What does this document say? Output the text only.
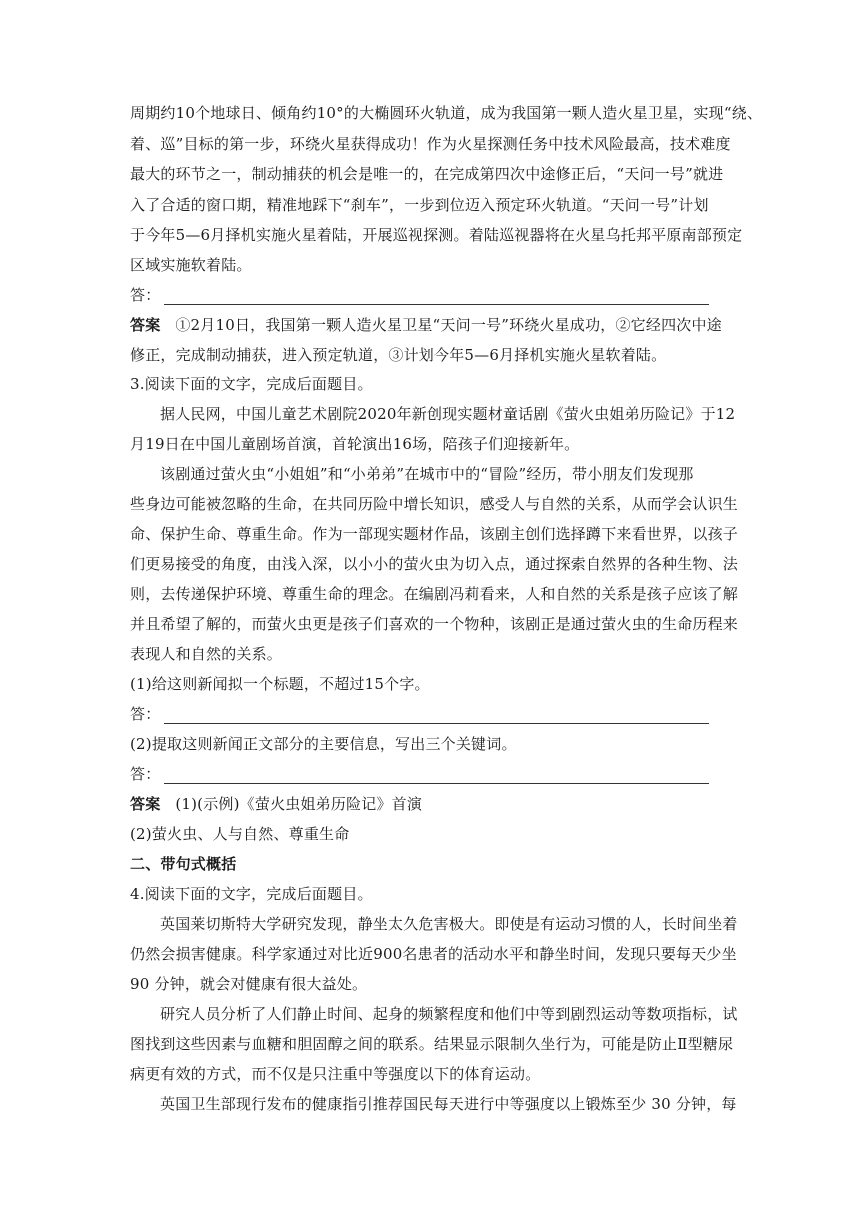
周期约10个地球日、倾角约10°的大椭圆环火轨道，成为我国第一颗人造火星卫星，实现“绕、
着、巡”目标的第一步，环绕火星获得成功！作为火星探测任务中技术风险最高，技术难度
最大的环节之一，制动捕获的机会是唯一的，在完成第四次中途修正后，“天问一号”就进
入了合适的窗口期，精准地踩下“刹车”，一步到位迈入预定环火轨道。“天问一号”计划
于今年5—6月择机实施火星着陆，开展巡视探测。着陆巡视器将在火星乌托邦平原南部预定
区域实施软着陆。
答：
答案 ①2月10日，我国第一颗人造火星卫星“天问一号”环绕火星成功，②它经四次中途
修正，完成制动捕获，进入预定轨道，③计划今年5—6月择机实施火星软着陆。
3.阅读下面的文字，完成后面题目。
据人民网，中国儿童艺术剧院2020年新创现实题材童话剧《萤火虫姐弟历险记》于12
月19日在中国儿童剧场首演，首轮演出16场，陪孩子们迎接新年。
该剧通过萤火虫“小姐姐”和“小弟弟”在城市中的“冒险”经历，带小朋友们发现那
些身边可能被忽略的生命，在共同历险中增长知识，感受人与自然的关系，从而学会认识生
命、保护生命、尊重生命。作为一部现实题材作品，该剧主创们选择蹲下来看世界，以孩子
们更易接受的角度，由浅入深，以小小的萤火虫为切入点，通过探索自然界的各种生物、法
则，去传递保护环境、尊重生命的理念。在编剧冯莉看来，人和自然的关系是孩子应该了解
并且希望了解的，而萤火虫更是孩子们喜欢的一个物种，该剧正是通过萤火虫的生命历程来
表现人和自然的关系。
(1)给这则新闻拟一个标题，不超过15个字。
答：
(2)提取这则新闻正文部分的主要信息，写出三个关键词。
答：
答案 (1)(示例)《萤火虫姐弟历险记》首演
(2)萤火虫、人与自然、尊重生命
二、带句式概括
4.阅读下面的文字，完成后面题目。
英国莱切斯特大学研究发现，静坐太久危害极大。即使是有运动习惯的人，长时间坐着
仍然会损害健康。科学家通过对比近900名患者的活动水平和静坐时间，发现只要每天少坐
90 分钟，就会对健康有很大益处。
研究人员分析了人们静止时间、起身的频繁程度和他们中等到剧烈运动等数项指标，试
图找到这些因素与血糖和胆固醇之间的联系。结果显示限制久坐行为，可能是防止Ⅱ型糖尿
病更有效的方式，而不仅是只注重中等强度以下的体育运动。
英国卫生部现行发布的健康指引推荐国民每天进行中等强度以上锻炼至少 30 分钟，每
